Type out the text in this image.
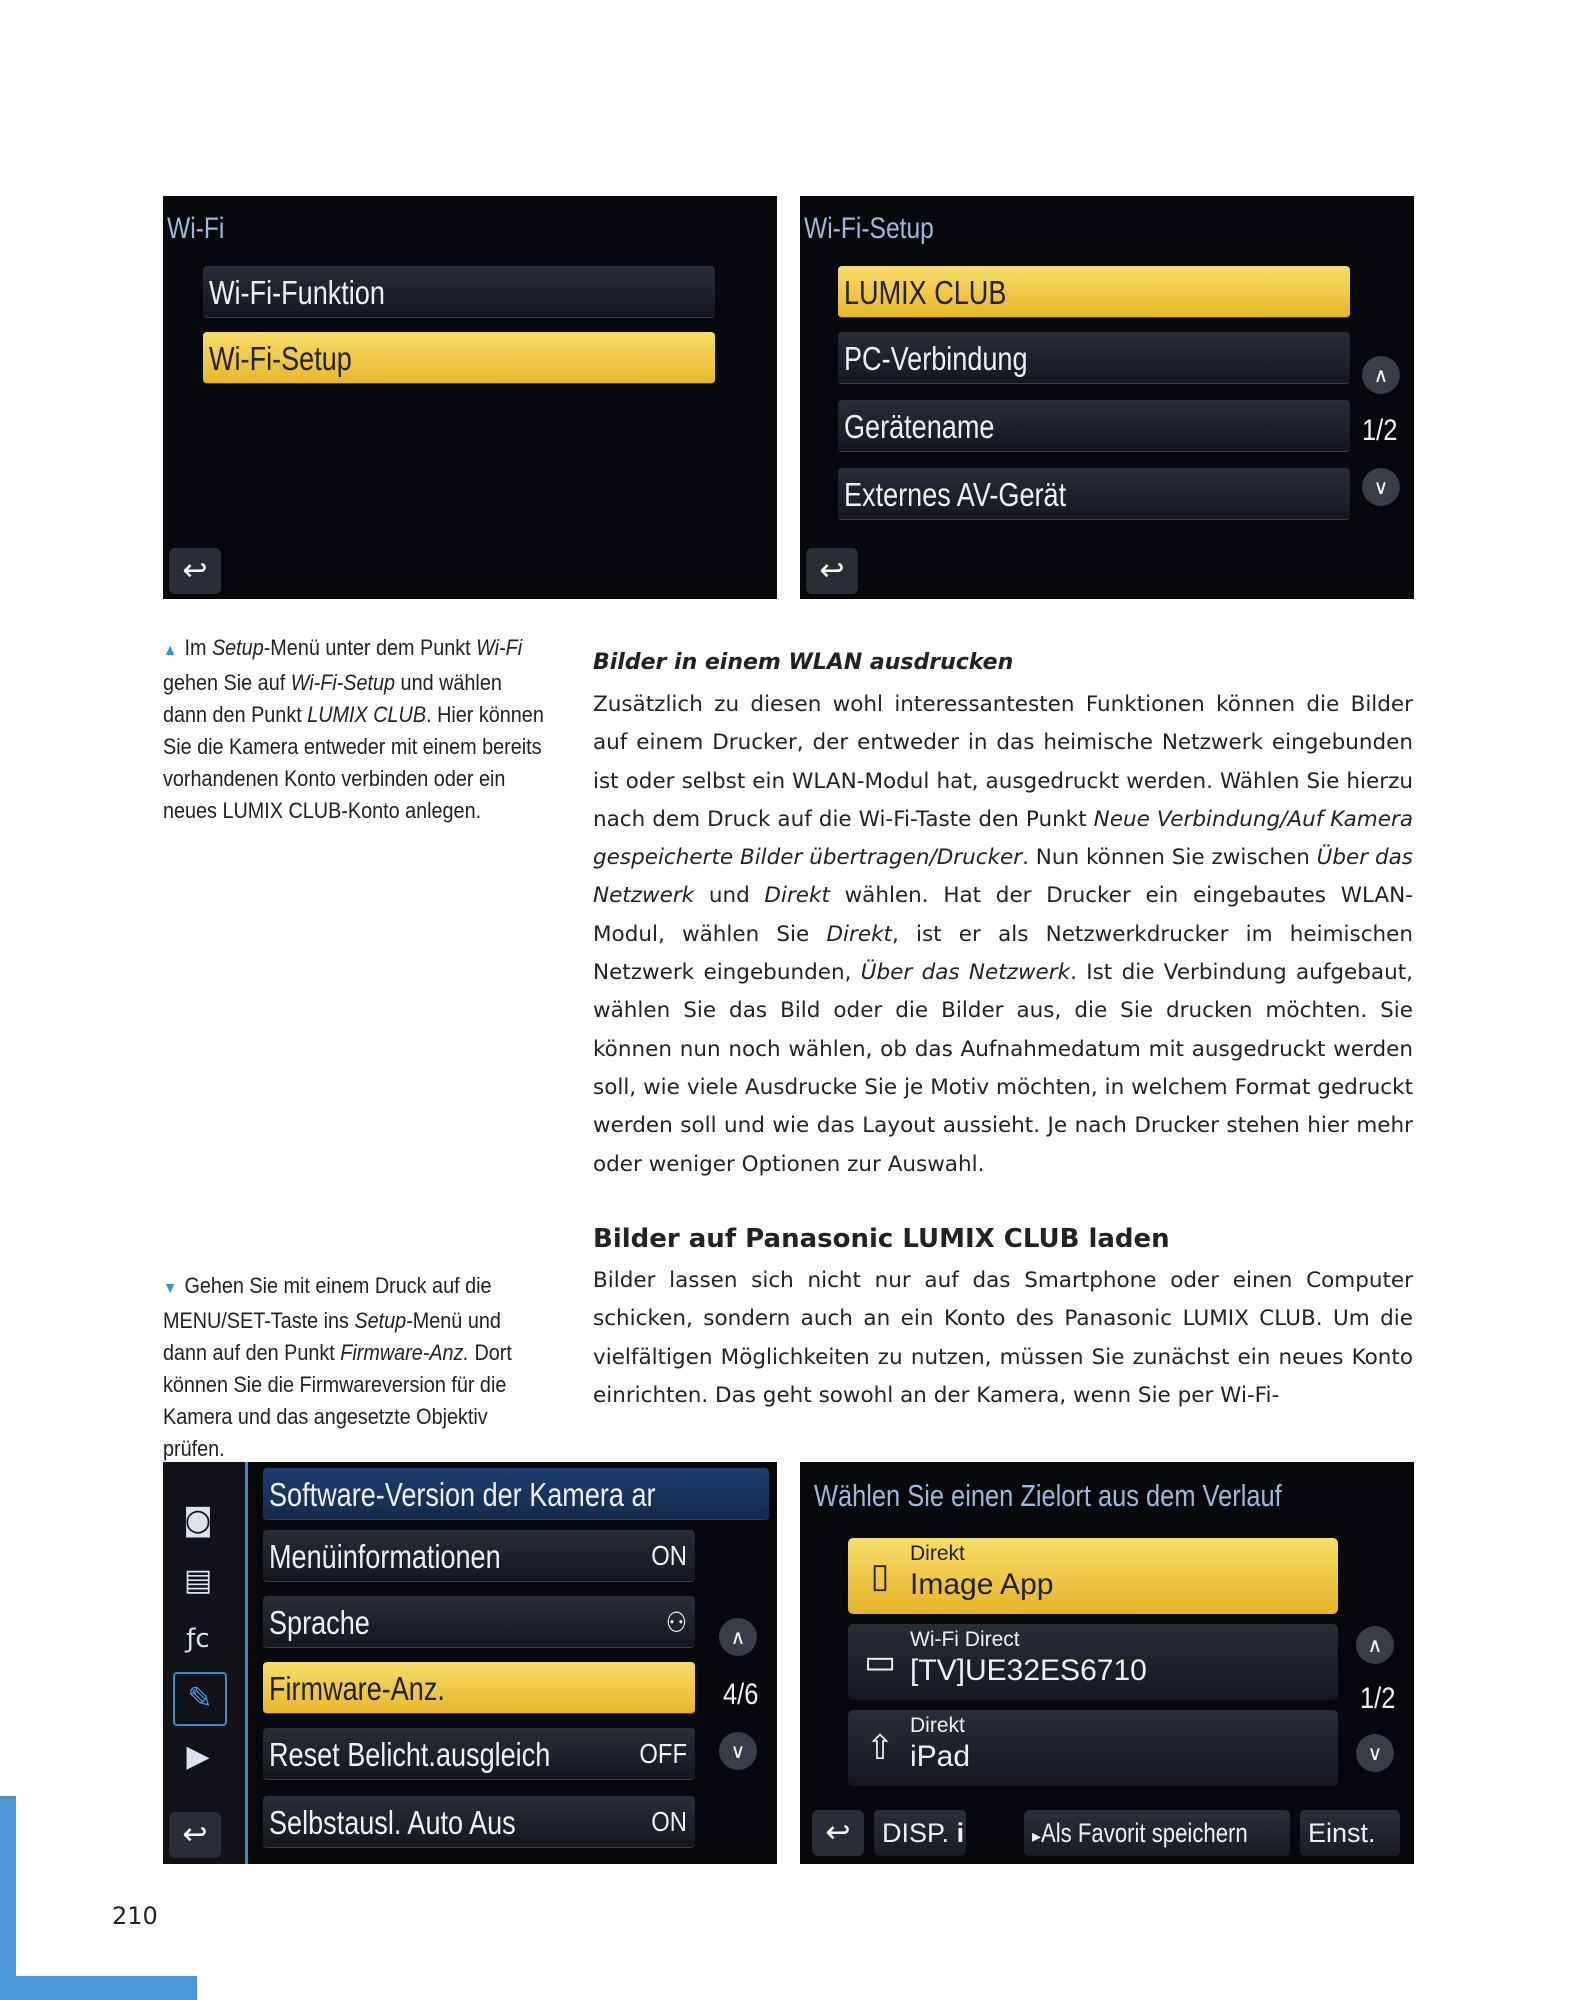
Wi-Fi
Wi-Fi-Funktion
Wi-Fi-Setup
↩
Wi-Fi-Setup
LUMIX CLUB
PC-Verbindung
Gerätename
Externes AV-Gerät
∧
1/2
∨
↩
▲ Im Setup-Menü unter dem Punkt Wi-Fi gehen Sie auf Wi-Fi-Setup und wählen dann den Punkt LUMIX CLUB. Hier können Sie die Kamera entweder mit einem bereits vorhandenen Konto verbinden oder ein neues LUMIX CLUB-Konto anlegen.
Bilder in einem WLAN ausdrucken
Zusätzlich zu diesen wohl interessantesten Funktionen können die Bilder auf einem Drucker, der entweder in das heimische Netzwerk eingebunden ist oder selbst ein WLAN-Modul hat, ausgedruckt werden. Wählen Sie hierzu nach dem Druck auf die Wi-Fi-Taste den Punkt Neue Verbindung/Auf Kamera gespeicherte Bilder übertragen/Drucker. Nun können Sie zwischen Über das Netzwerk und Direkt wählen. Hat der Drucker ein eingebautes WLAN-Modul, wählen Sie Direkt, ist er als Netzwerkdrucker im heimischen Netzwerk eingebunden, Über das Netzwerk. Ist die Verbindung aufgebaut, wählen Sie das Bild oder die Bilder aus, die Sie drucken möchten. Sie können nun noch wählen, ob das Aufnahmedatum mit ausgedruckt werden soll, wie viele Ausdrucke Sie je Motiv möchten, in welchem Format gedruckt werden soll und wie das Layout aussieht. Je nach Drucker stehen hier mehr oder weniger Optionen zur Auswahl.
Bilder auf Panasonic LUMIX CLUB laden
Bilder lassen sich nicht nur auf das Smartphone oder einen Computer schicken, sondern auch an ein Konto des Panasonic LUMIX CLUB. Um die vielfältigen Möglichkeiten zu nutzen, müssen Sie zunächst ein neues Konto einrichten. Das geht sowohl an der Kamera, wenn Sie per Wi-Fi-
▼ Gehen Sie mit einem Druck auf die MENU/SET-Taste ins Setup-Menü und dann auf den Punkt Firmware-Anz. Dort können Sie die Firmwareversion für die Kamera und das angesetzte Objektiv prüfen.
◙
▤
ƒc
✎
▶
Software-Version der Kamera ar
Menüinformationen	ON
Sprache	⚇
Firmware-Anz.
Reset Belicht.ausgleich	OFF
Selbstausl. Auto Aus	ON
∧
4/6
∨
↩
Wählen Sie einen Zielort aus dem Verlauf
▯
Direkt
Image App
▭
Wi-Fi Direct
[TV]UE32ES6710
⇧
Direkt
iPad
∧
1/2
∨
↩	DISP. i	▸Als Favorit speichern	Einst.
210
